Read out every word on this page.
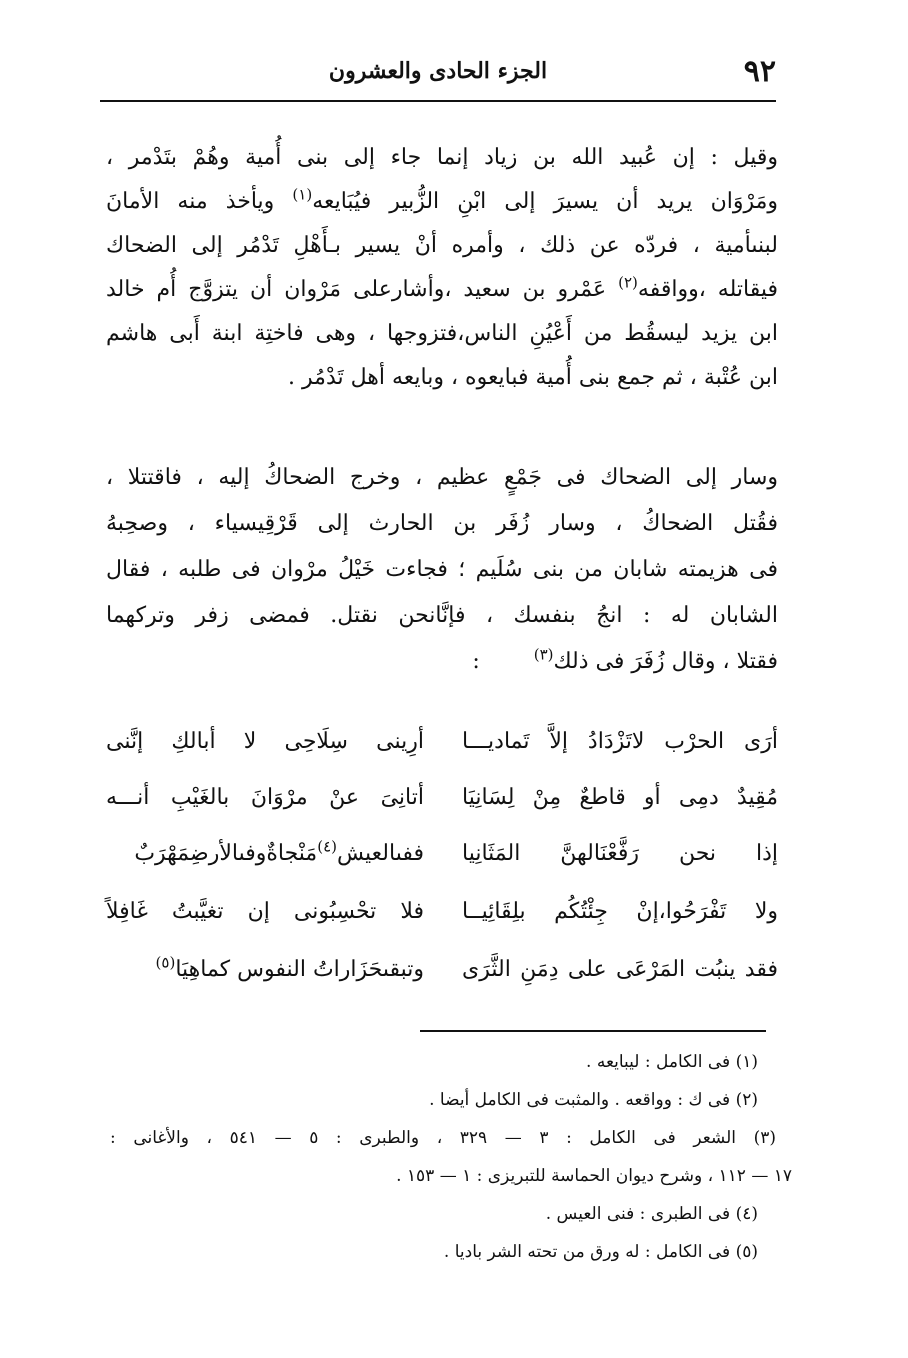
٩٢
الجزء الحادى والعشرون
وقيل : إن عُبيد الله بن زياد إنما جاء إلى بنى أُمية وهُمْ بتَدْمر ،
ومَرْوَان يريد أن يسيرَ إلى ابْنِ الزُّبير فيُبَايعه$^{(١)}$ ويأخذ منه الأمانَ
لبنىأمية ، فردّه عن ذلك ، وأمره أنْ يسير بـأَهْلِ تَدْمُر إلى الضحاك
فيقاتله ،وواقفه$^{(٢)}$ عَمْرو بن سعيد ،وأشارعلى مَرْوان أن يتزوَّج أُم خالد
ابن يزيد ليسقُط من أَعْيُنِ الناس،فتزوجها ، وهى فاختِة ابنة أَبى هاشم
ابن عُتْبة ، ثم جمع بنى أُمية فبايعوه ، وبايعه أهل تَدْمُر .
وسار إلى الضحاك فى جَمْعٍ عظيم ، وخرج الضحاكُ إليه ، فاقتتلا ،
فقُتل الضحاكُ ، وسار زُفَر بن الحارث إلى قَرْقِيسياء ، وصحِبهُ
فى هزيمته شابان من بنى سُلَيم ؛ فجاءت خَيْلُ مرْوان فى طلبه ، فقال
الشابان له : انجُ بنفسك ، فإنَّانحن نقتل. فمضى زفر وتركهما
فقتلا ، وقال زُفَرَ فى ذلك$^{(٣)}$  :
أرِينى سِلَاحِى لا أبالكِ إنَّنى أرَى الحرْب لاتَزْدَادُ إلاَّ تَماديـــا
أتانِىَ عنْ مرْوَانَ بالغَيْبِ أنـــه مُقِيدٌ دمِى أو قاطعٌ مِنْ لِسَانِيَا
ففىالعيش$^{(٤)}$مَنْجاةٌوفىالأرضِمَهْرَبٌ	إذا نحن رَفَّعْنَالهنَّ المَثَانِيا
فلا تحْسِبُونى إن تغيَّبتُ غَافِلاً ولا تَفْرَحُوا،إنْ جِئْتُكُم بلِقَائِيــا
وتبقىحَزَاراتُ النفوس كماهِيَا$^{(٥)}$	فقد ينبُت المَرْعَى على دِمَنِ الثَّرَى
(١) فى الكامل : ليبايعه .
(٢) فى ك : وواقعه . والمثبت فى الكامل أيضا .
(٣) الشعر فى الكامل : ٣ — ٣٢٩ ، والطبرى : ٥ — ٥٤١ ، والأغانى :
١٧ — ١١٢ ، وشرح ديوان الحماسة للتبريزى : ١ — ١٥٣ .
(٤) فى الطبرى : فنى العيس .
(٥) فى الكامل : له ورق من تحته الشر باديا .
